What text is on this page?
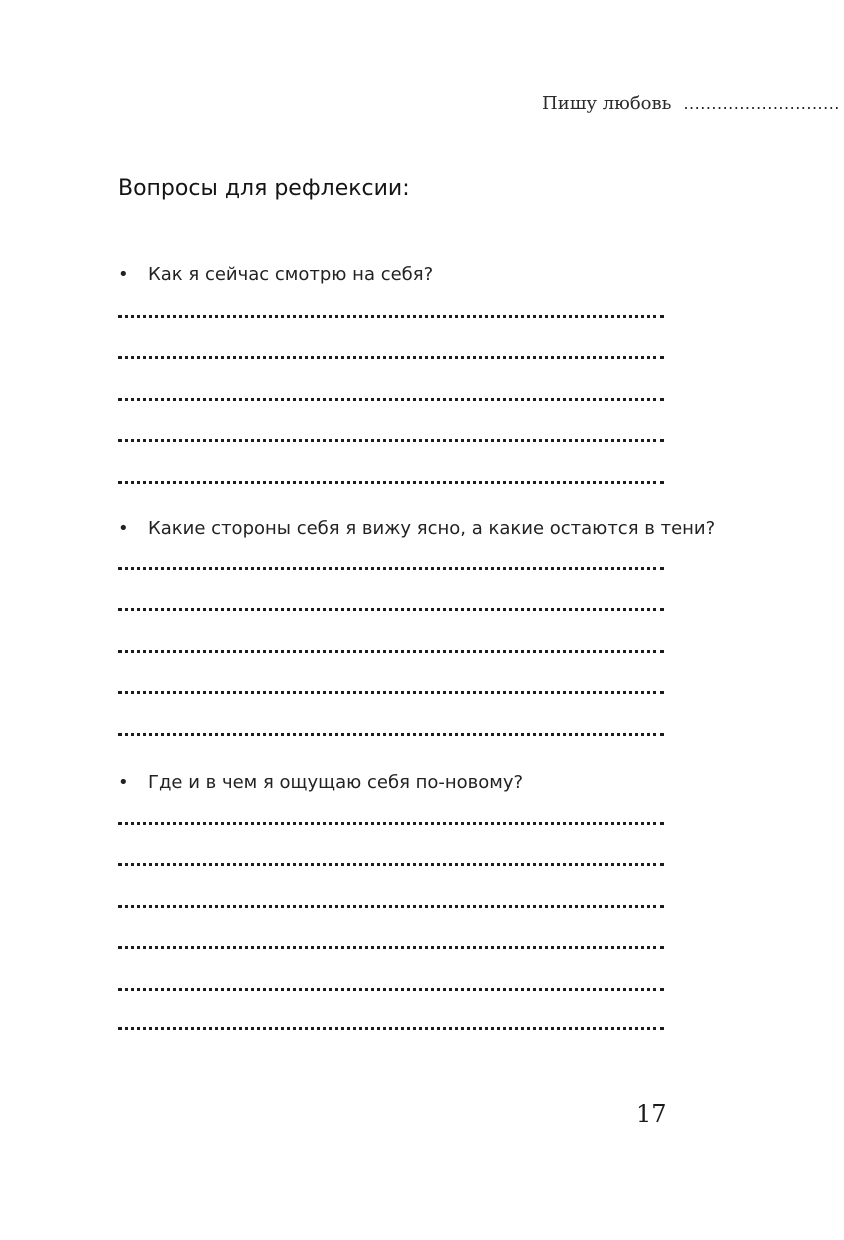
Пишу любовь ............................
Вопросы для рефлексии:
•	Как я сейчас смотрю на себя?
•	Какие стороны себя я вижу ясно, а какие остаются в тени?
•	Где и в чем я ощущаю себя по-новому?
17
